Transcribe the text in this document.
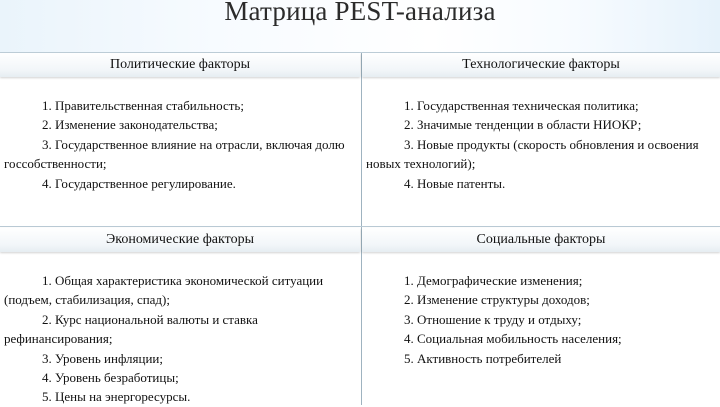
Матрица PEST-анализа
Политические факторы	Технологические факторы
Экономические факторы	Социальные факторы

1. Правительственная стабильность;

2. Изменение законодательства;

3. Государственное влияние на отрасли, включая долю госсобственности;

4. Государственное регулирование.

1. Государственная техническая политика;

2. Значимые тенденции в области НИОКР;

3. Новые продукты (скорость обновления и освоения новых технологий);

4. Новые патенты.

1. Общая характеристика экономической ситуации (подъем, стабилизация, спад);

2. Курс национальной валюты и ставка рефинансирования;

3. Уровень инфляции;

4. Уровень безработицы;

5. Цены на энергоресурсы.

1. Демографические изменения;

2. Изменение структуры доходов;

3. Отношение к труду и отдыху;

4. Социальная мобильность населения;

5. Активность потребителей
